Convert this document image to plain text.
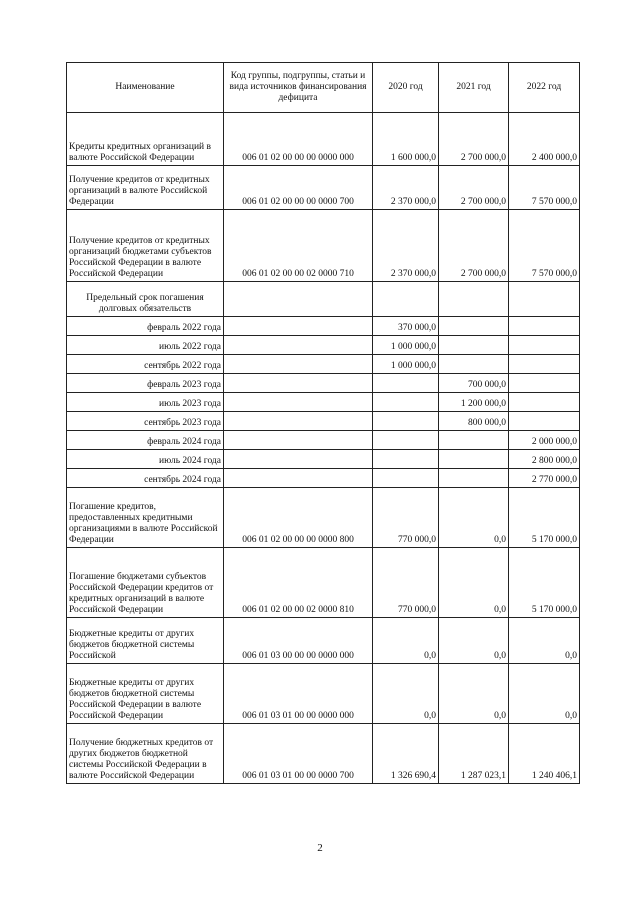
Наименование	Код группы, подгруппы, статьи и вида источников финансирования дефицита	2020 год	2021 год	2022 год
Кредиты кредитных организаций в валюте Российской Федерации	006 01 02 00 00 00 0000 000	1 600 000,0	2 700 000,0	2 400 000,0
Получение кредитов от кредитных организаций в валюте Российской Федерации	006 01 02 00 00 00 0000 700	2 370 000,0	2 700 000,0	7 570 000,0
Получение кредитов от кредитных организаций бюджетами субъектов Российской Федерации в валюте Российской Федерации	006 01 02 00 00 02 0000 710	2 370 000,0	2 700 000,0	7 570 000,0
Предельный срок погашения долговых обязательств				
февраль 2022 года		370 000,0		
июль 2022 года		1 000 000,0		
сентябрь 2022 года		1 000 000,0		
февраль 2023 года			700 000,0	
июль 2023 года			1 200 000,0	
сентябрь 2023 года			800 000,0	
февраль 2024 года				2 000 000,0
июль 2024 года				2 800 000,0
сентябрь 2024 года				2 770 000,0
Погашение кредитов, предоставленных кредитными организациями в валюте Российской Федерации	006 01 02 00 00 00 0000 800	770 000,0	0,0	5 170 000,0
Погашение бюджетами субъектов Российской Федерации кредитов от кредитных организаций в валюте Российской Федерации	006 01 02 00 00 02 0000 810	770 000,0	0,0	5 170 000,0
Бюджетные кредиты от других бюджетов бюджетной системы Российской	006 01 03 00 00 00 0000 000	0,0	0,0	0,0
Бюджетные кредиты от других бюджетов бюджетной системы Российской Федерации в валюте Российской Федерации	006 01 03 01 00 00 0000 000	0,0	0,0	0,0
Получение бюджетных кредитов от других бюджетов бюджетной системы Российской Федерации в валюте Российской Федерации	006 01 03 01 00 00 0000 700	1 326 690,4	1 287 023,1	1 240 406,1
2
